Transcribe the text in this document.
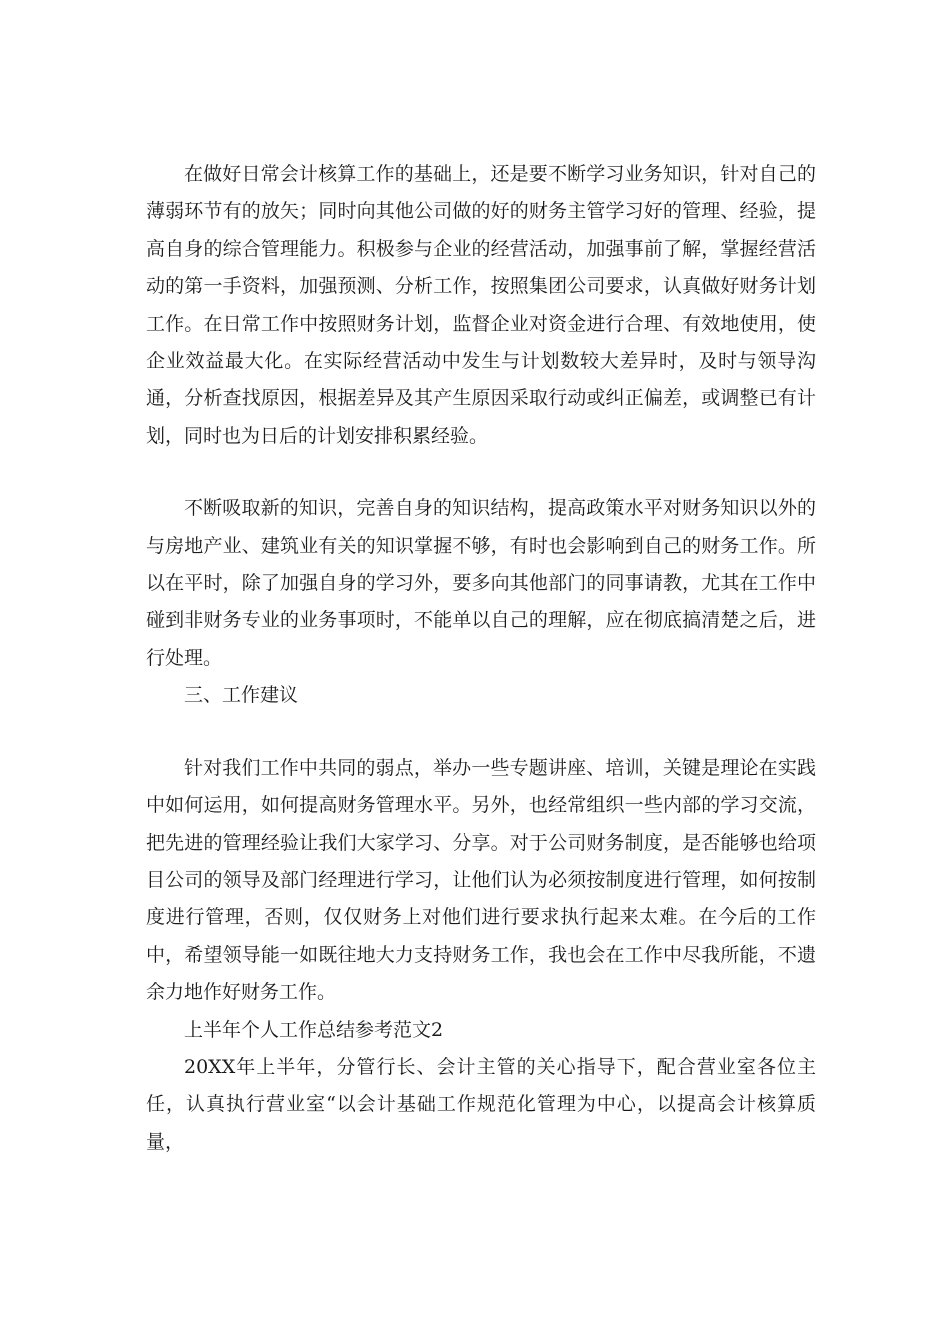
在做好日常会计核算工作的基础上，还是要不断学习业务知识，针对自己的薄弱环节有的放矢；同时向其他公司做的好的财务主管学习好的管理、经验，提高自身的综合管理能力。积极参与企业的经营活动，加强事前了解，掌握经营活动的第一手资料，加强预测、分析工作，按照集团公司要求，认真做好财务计划工作。在日常工作中按照财务计划，监督企业对资金进行合理、有效地使用，使企业效益最大化。在实际经营活动中发生与计划数较大差异时，及时与领导沟通，分析查找原因，根据差异及其产生原因采取行动或纠正偏差，或调整已有计划，同时也为日后的计划安排积累经验。

不断吸取新的知识，完善自身的知识结构，提高政策水平对财务知识以外的与房地产业、建筑业有关的知识掌握不够，有时也会影响到自己的财务工作。所以在平时，除了加强自身的学习外，要多向其他部门的同事请教，尤其在工作中碰到非财务专业的业务事项时，不能单以自己的理解，应在彻底搞清楚之后，进行处理。

三、工作建议

针对我们工作中共同的弱点，举办一些专题讲座、培训，关键是理论在实践中如何运用，如何提高财务管理水平。另外，也经常组织一些内部的学习交流，把先进的管理经验让我们大家学习、分享。对于公司财务制度，是否能够也给项目公司的领导及部门经理进行学习，让他们认为必须按制度进行管理，如何按制度进行管理，否则，仅仅财务上对他们进行要求执行起来太难。在今后的工作中，希望领导能一如既往地大力支持财务工作，我也会在工作中尽我所能，不遗余力地作好财务工作。

上半年个人工作总结参考范文2

20XX年上半年，分管行长、会计主管的关心指导下，配合营业室各位主任，认真执行营业室“以会计基础工作规范化管理为中心，以提高会计核算质量，
